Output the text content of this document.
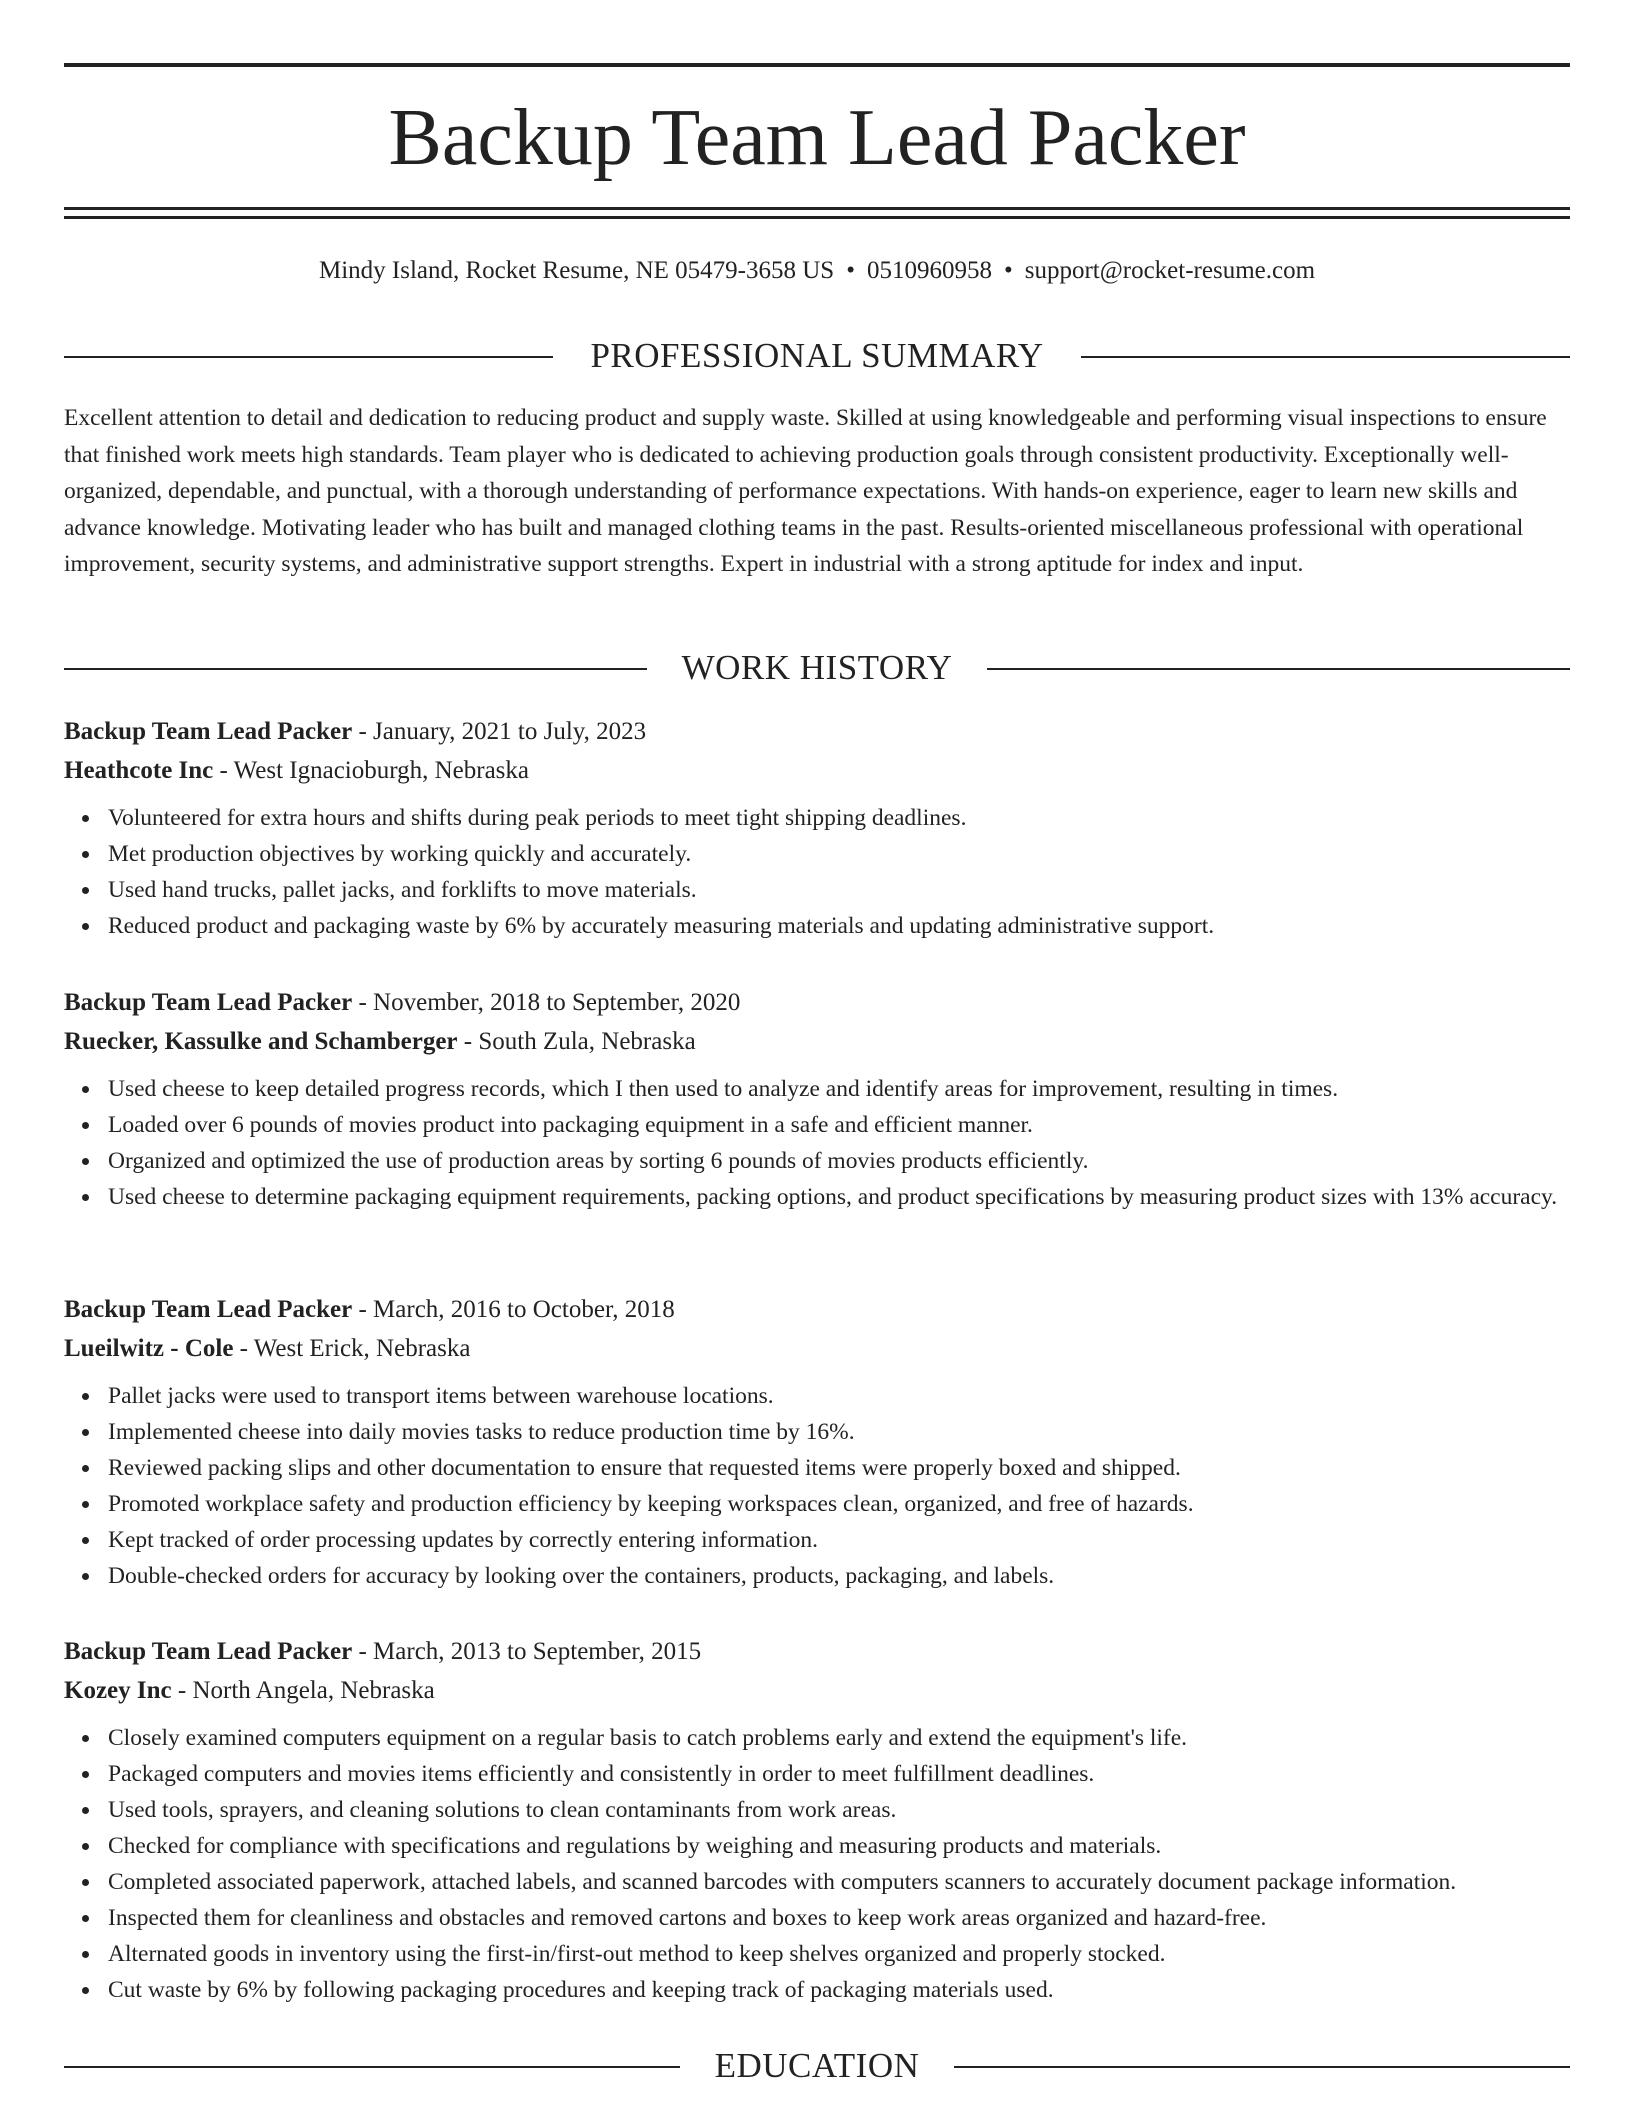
Backup Team Lead Packer
Mindy Island, Rocket Resume, NE 05479-3658 US • 0510960958 • support@rocket-resume.com
PROFESSIONAL SUMMARY

Excellent attention to detail and dedication to reducing product and supply waste. Skilled at using knowledgeable and performing visual inspections to ensure that finished work meets high standards. Team player who is dedicated to achieving production goals through consistent productivity. Exceptionally well-organized, dependable, and punctual, with a thorough understanding of performance expectations. With hands-on experience, eager to learn new skills and advance knowledge. Motivating leader who has built and managed clothing teams in the past. Results-oriented miscellaneous professional with operational improvement, security systems, and administrative support strengths. Expert in industrial with a strong aptitude for index and input.

WORK HISTORY

Backup Team Lead Packer - January, 2021 to July, 2023

Heathcote Inc - West Ignacioburgh, Nebraska

Volunteered for extra hours and shifts during peak periods to meet tight shipping deadlines.
Met production objectives by working quickly and accurately.
Used hand trucks, pallet jacks, and forklifts to move materials.
Reduced product and packaging waste by 6% by accurately measuring materials and updating administrative support.

Backup Team Lead Packer - November, 2018 to September, 2020

Ruecker, Kassulke and Schamberger - South Zula, Nebraska

Used cheese to keep detailed progress records, which I then used to analyze and identify areas for improvement, resulting in times.
Loaded over 6 pounds of movies product into packaging equipment in a safe and efficient manner.
Organized and optimized the use of production areas by sorting 6 pounds of movies products efficiently.
Used cheese to determine packaging equipment requirements, packing options, and product specifications by measuring product sizes with 13% accuracy.

Backup Team Lead Packer - March, 2016 to October, 2018

Lueilwitz - Cole - West Erick, Nebraska

Pallet jacks were used to transport items between warehouse locations.
Implemented cheese into daily movies tasks to reduce production time by 16%.
Reviewed packing slips and other documentation to ensure that requested items were properly boxed and shipped.
Promoted workplace safety and production efficiency by keeping workspaces clean, organized, and free of hazards.
Kept tracked of order processing updates by correctly entering information.
Double-checked orders for accuracy by looking over the containers, products, packaging, and labels.

Backup Team Lead Packer - March, 2013 to September, 2015

Kozey Inc - North Angela, Nebraska

Closely examined computers equipment on a regular basis to catch problems early and extend the equipment's life.
Packaged computers and movies items efficiently and consistently in order to meet fulfillment deadlines.
Used tools, sprayers, and cleaning solutions to clean contaminants from work areas.
Checked for compliance with specifications and regulations by weighing and measuring products and materials.
Completed associated paperwork, attached labels, and scanned barcodes with computers scanners to accurately document package information.
Inspected them for cleanliness and obstacles and removed cartons and boxes to keep work areas organized and hazard-free.
Alternated goods in inventory using the first-in/first-out method to keep shelves organized and properly stocked.
Cut waste by 6% by following packaging procedures and keeping track of packaging materials used.
EDUCATION
